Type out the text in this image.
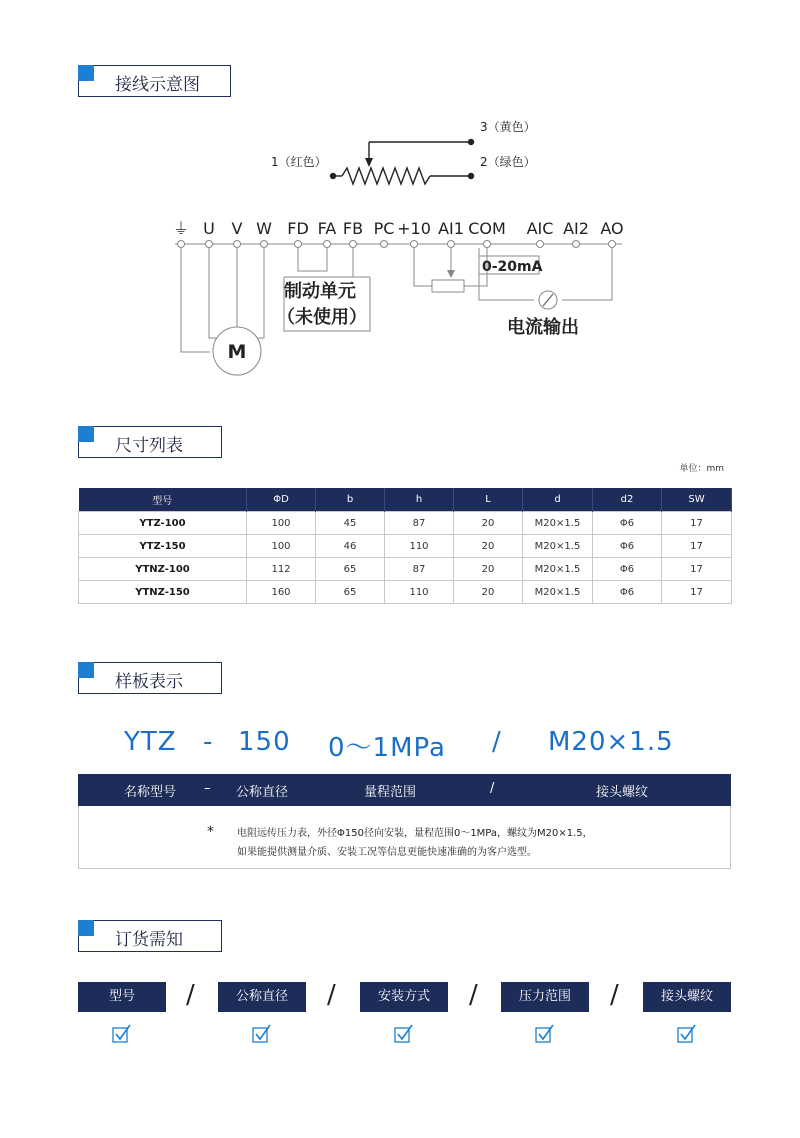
接线示意图
3（黄色）
1（红色）	2（绿色）
⏚ U V W FD FA FB PC +10 AI1 COM AIC AI2 AO
M
0-20mA
制动单元
（未使用）	电流输出
尺寸列表
单位：mm
型号	ΦD	b	h	L	d	d2	SW
YTZ-100	100	45	87	20	M20×1.5	Φ6	17
YTZ-150	100	46	110	20	M20×1.5	Φ6	17
YTNZ-100	112	65	87	20	M20×1.5	Φ6	17
YTNZ-150	160	65	110	20	M20×1.5	Φ6	17
样板表示
YTZ - 150 0～1MPa / M20×1.5
名称型号 – 公称直径	量程范围	/	接头螺纹
* 电阻远传压力表，外径Φ150径向安装，量程范围0～1MPa，螺纹为M20×1.5，
如果能提供测量介质、安装工况等信息更能快速准确的为客户选型。
订货需知
型号	/	公称直径	/	安装方式	/	压力范围	/	接头螺纹
